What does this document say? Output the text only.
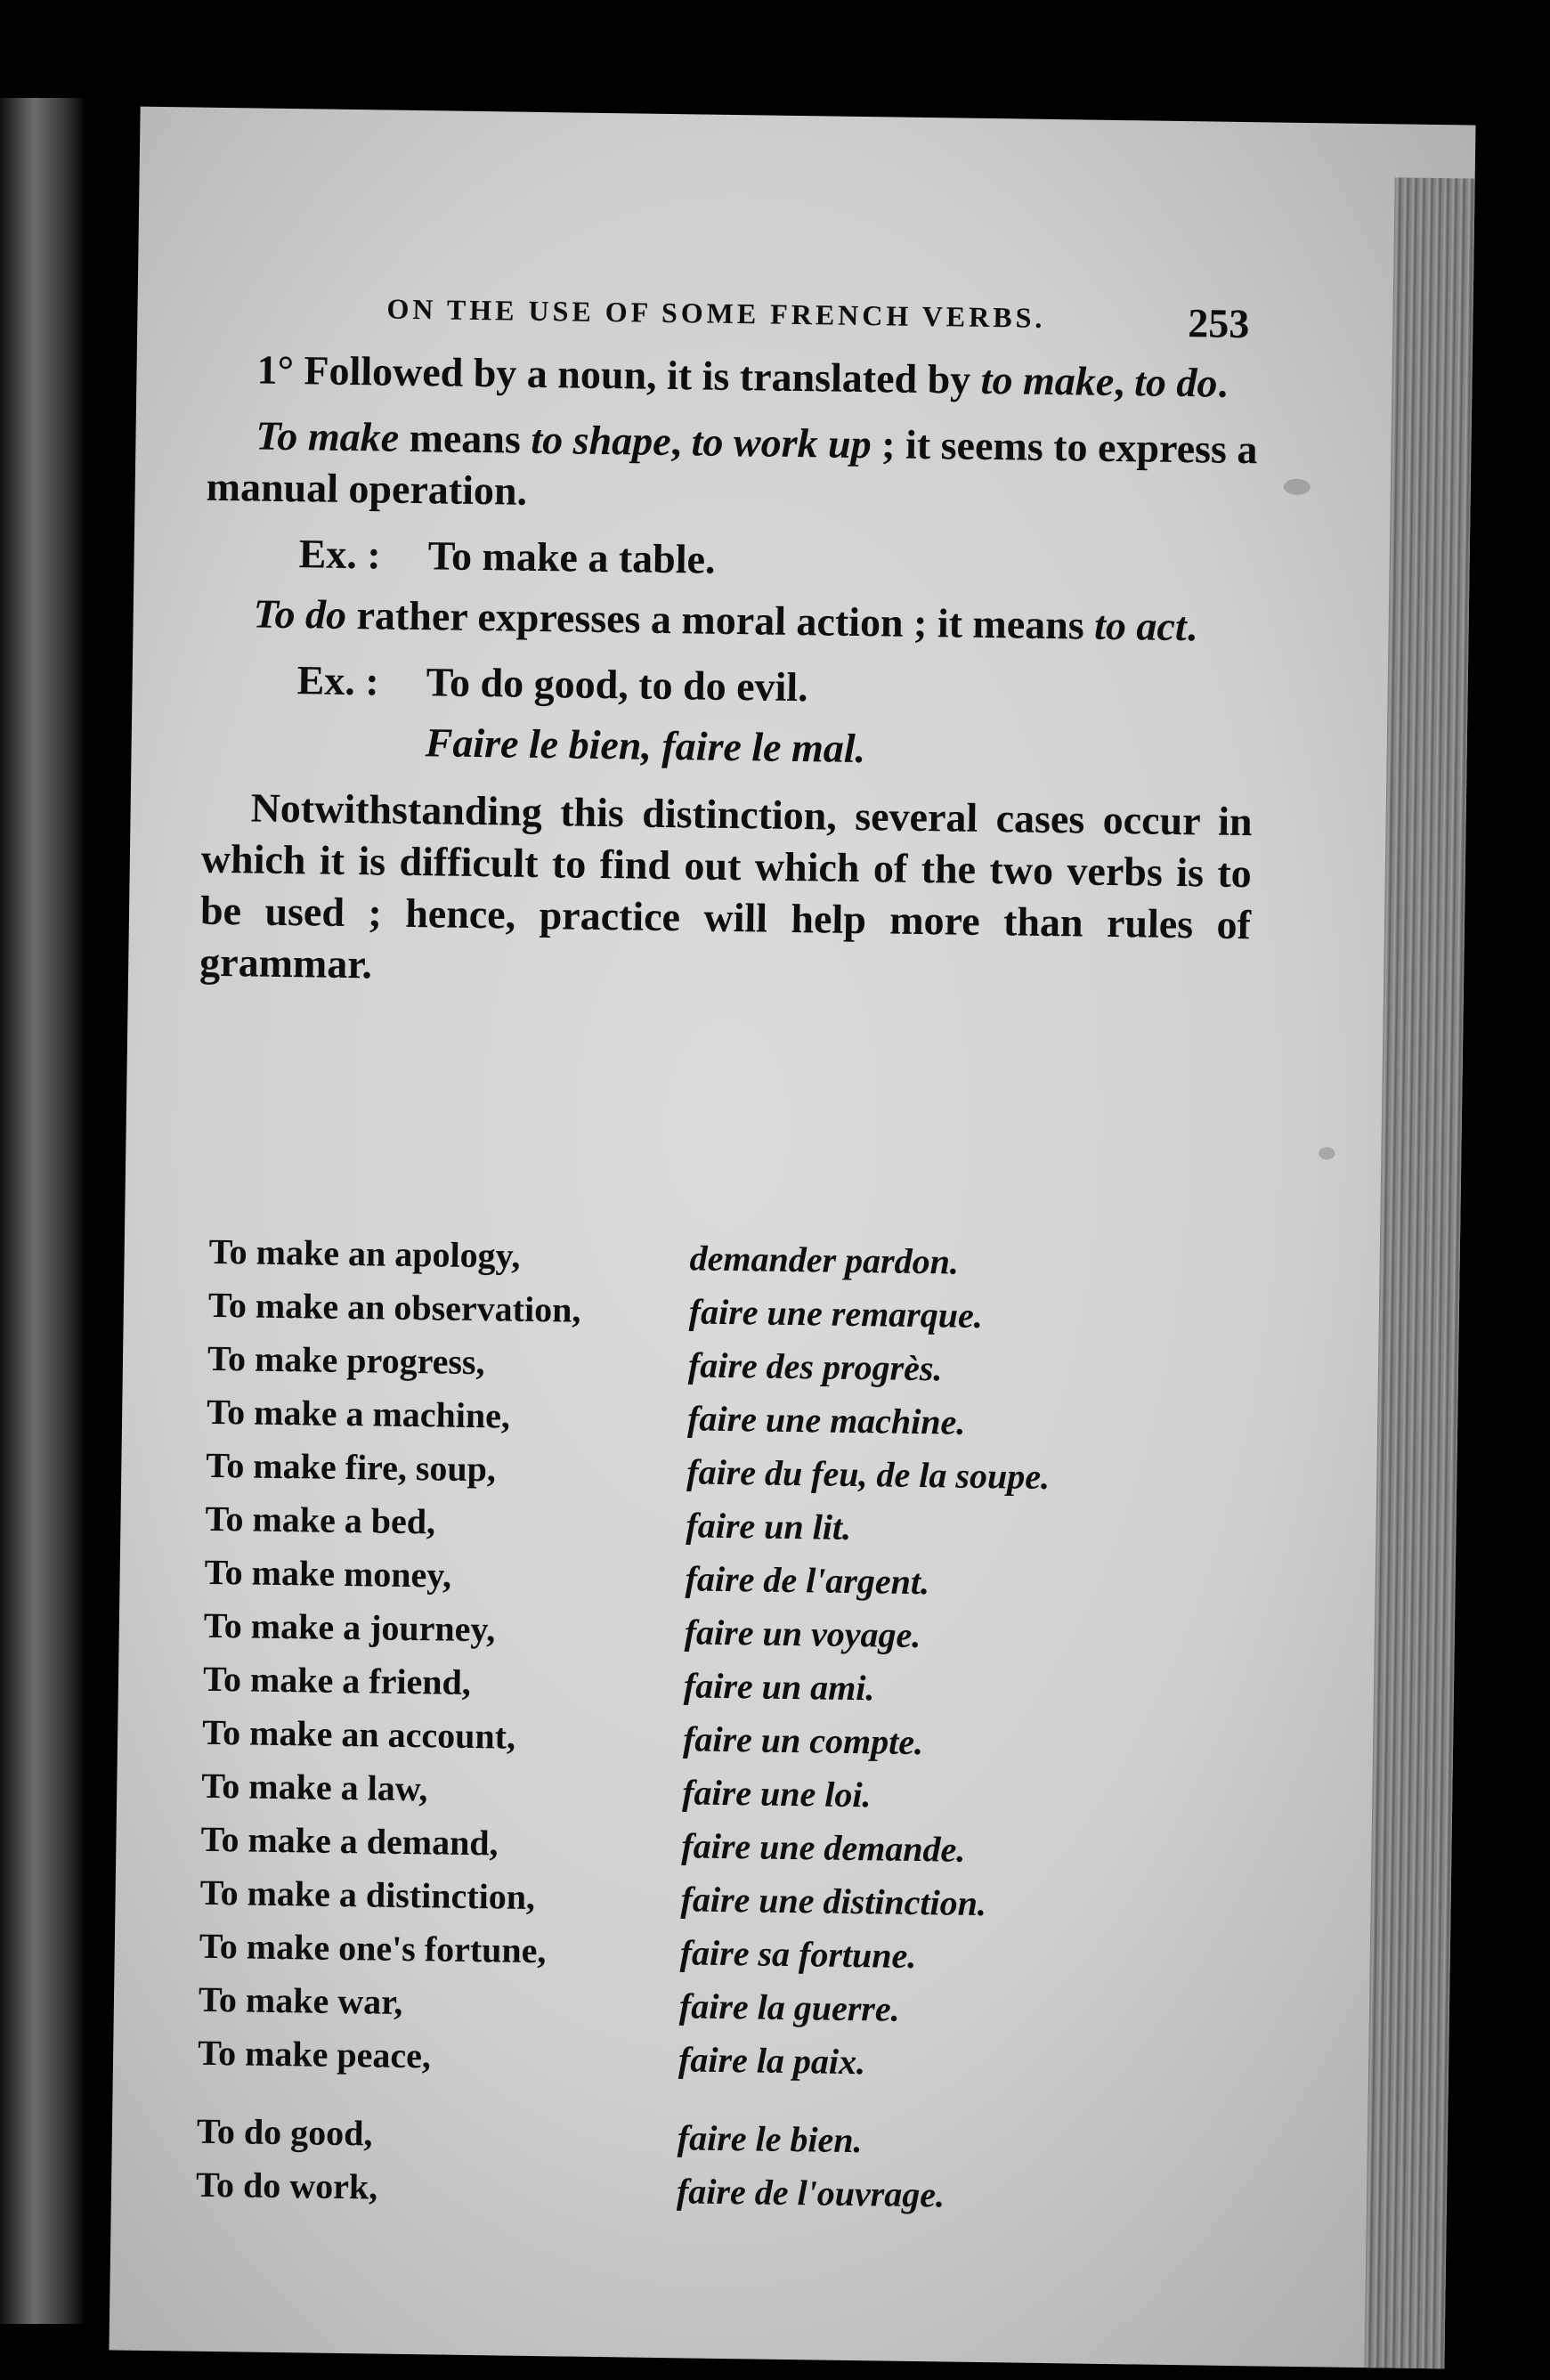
ON THE USE OF SOME FRENCH VERBS.	253

1° Followed by a noun, it is translated by to make, to do.

To make means to shape, to work up ; it seems to express a manual operation.

Ex. : To make a table.

To do rather expresses a moral action ; it means to act.

Ex. : To do good, to do evil.

Faire le bien, faire le mal.

Notwithstanding this distinction, several cases occur in which it is difficult to find out which of the two verbs is to be used ; hence, practice will help more than rules of grammar.

To make an apology,	demander pardon.
To make an observation,	faire une remarque.
To make progress,	faire des progrès.
To make a machine,	faire une machine.
To make fire, soup,	faire du feu, de la soupe.
To make a bed,	faire un lit.
To make money,	faire de l'argent.
To make a journey,	faire un voyage.
To make a friend,	faire un ami.
To make an account,	faire un compte.
To make a law,	faire une loi.
To make a demand,	faire une demande.
To make a distinction,	faire une distinction.
To make one's fortune,	faire sa fortune.
To make war,	faire la guerre.
To make peace,	faire la paix.
To do good,	faire le bien.
To do work,	faire de l'ouvrage.
